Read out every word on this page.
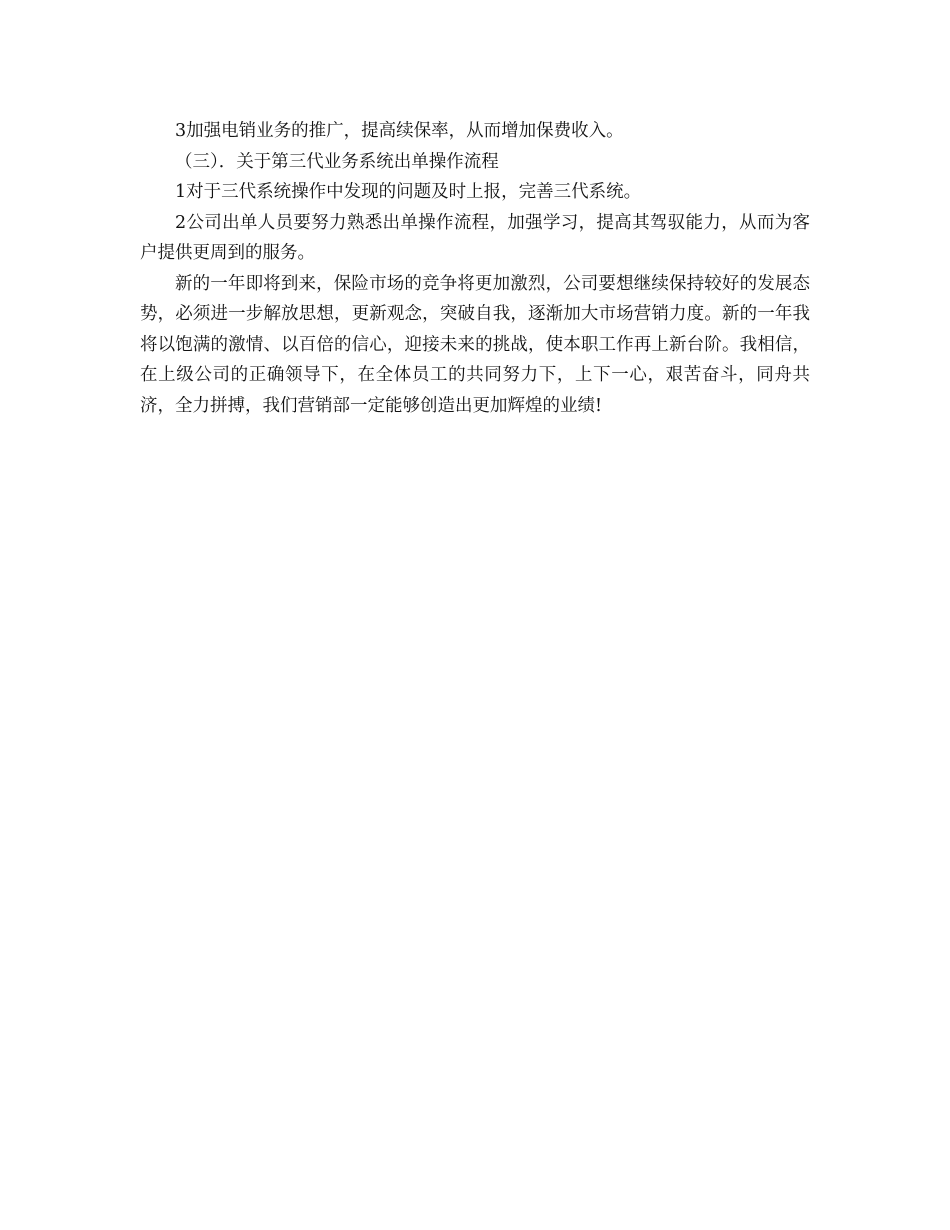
3加强电销业务的推广，提高续保率，从而增加保费收入。

（三）．关于第三代业务系统出单操作流程

1对于三代系统操作中发现的问题及时上报，完善三代系统。

2公司出单人员要努力熟悉出单操作流程，加强学习，提高其驾驭能力，从而为客户提供更周到的服务。

新的一年即将到来，保险市场的竞争将更加激烈，公司要想继续保持较好的发展态势，必须进一步解放思想，更新观念，突破自我，逐渐加大市场营销力度。新的一年我将以饱满的激情、以百倍的信心，迎接未来的挑战，使本职工作再上新台阶。我相信，在上级公司的正确领导下，在全体员工的共同努力下，上下一心，艰苦奋斗，同舟共济，全力拼搏，我们营销部一定能够创造出更加辉煌的业绩!
